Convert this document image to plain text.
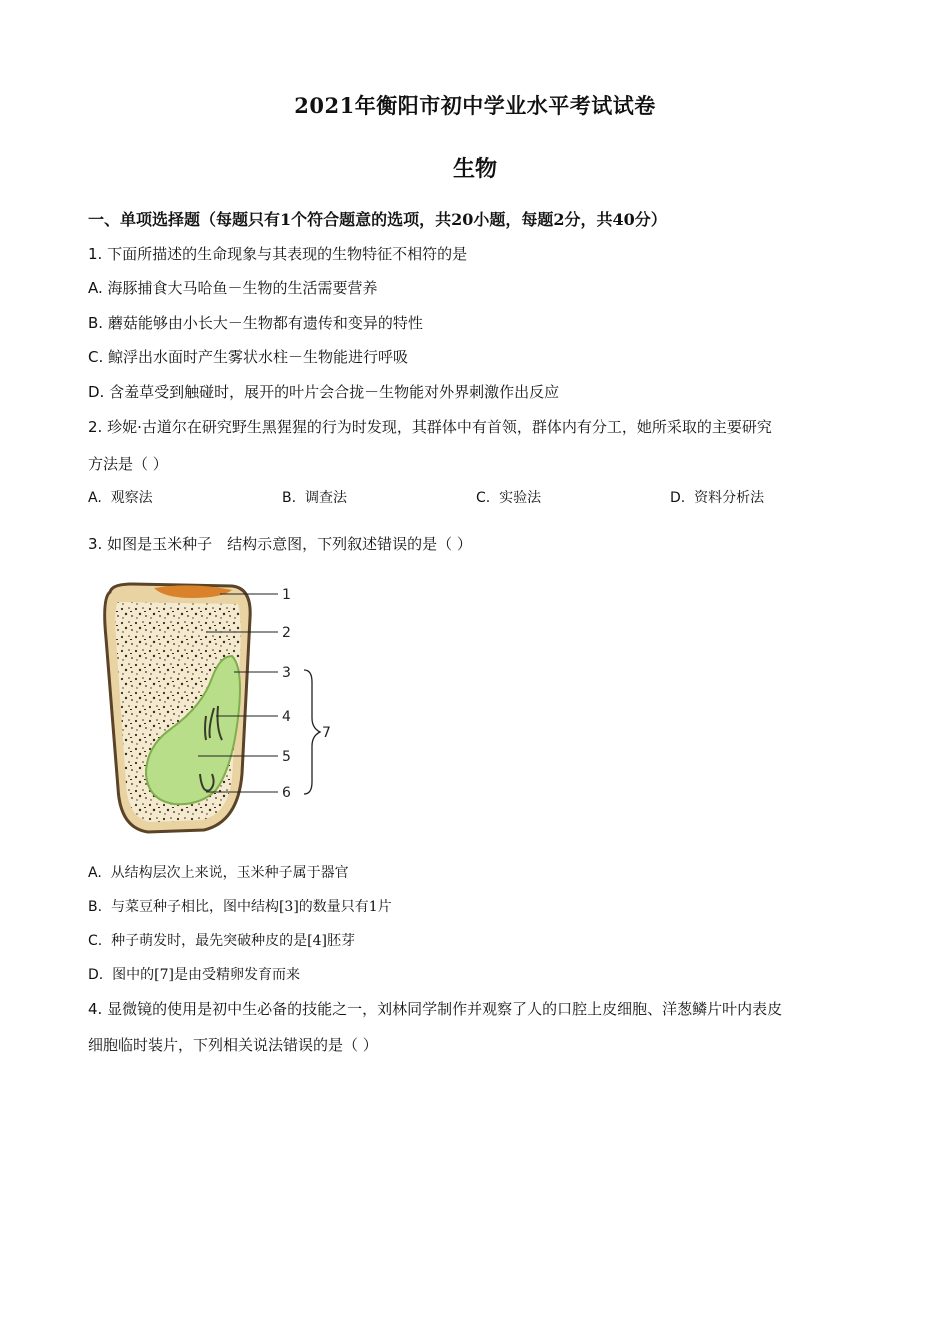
2021年衡阳市初中学业水平考试试卷
生物
一、单项选择题（每题只有1个符合题意的选项，共20小题，每题2分，共40分）
1. 下面所描述的生命现象与其表现的生物特征不相符的是
A. 海豚捕食大马哈鱼－生物的生活需要营养
B. 蘑菇能够由小长大－生物都有遗传和变异的特性
C. 鲸浮出水面时产生雾状水柱－生物能进行呼吸
D. 含羞草受到触碰时，展开的叶片会合拢－生物能对外界刺激作出反应
2. 珍妮·古道尔在研究野生黑猩猩的行为时发现，其群体中有首领，群体内有分工，她所采取的主要研究
方法是（ ）
A. 观察法	B. 调查法	C. 实验法	D. 资料分析法
3. 如图是玉米种子　结构示意图，下列叙述错误的是（ ）
1
2
3
4
5
6
7
A. 从结构层次上来说，玉米种子属于器官
B. 与菜豆种子相比，图中结构[3]的数量只有1片
C. 种子萌发时，最先突破种皮的是[4]胚芽
D. 图中的[7]是由受精卵发育而来
4. 显微镜的使用是初中生必备的技能之一，刘林同学制作并观察了人的口腔上皮细胞、洋葱鳞片叶内表皮
细胞临时装片，下列相关说法错误的是（ ）
